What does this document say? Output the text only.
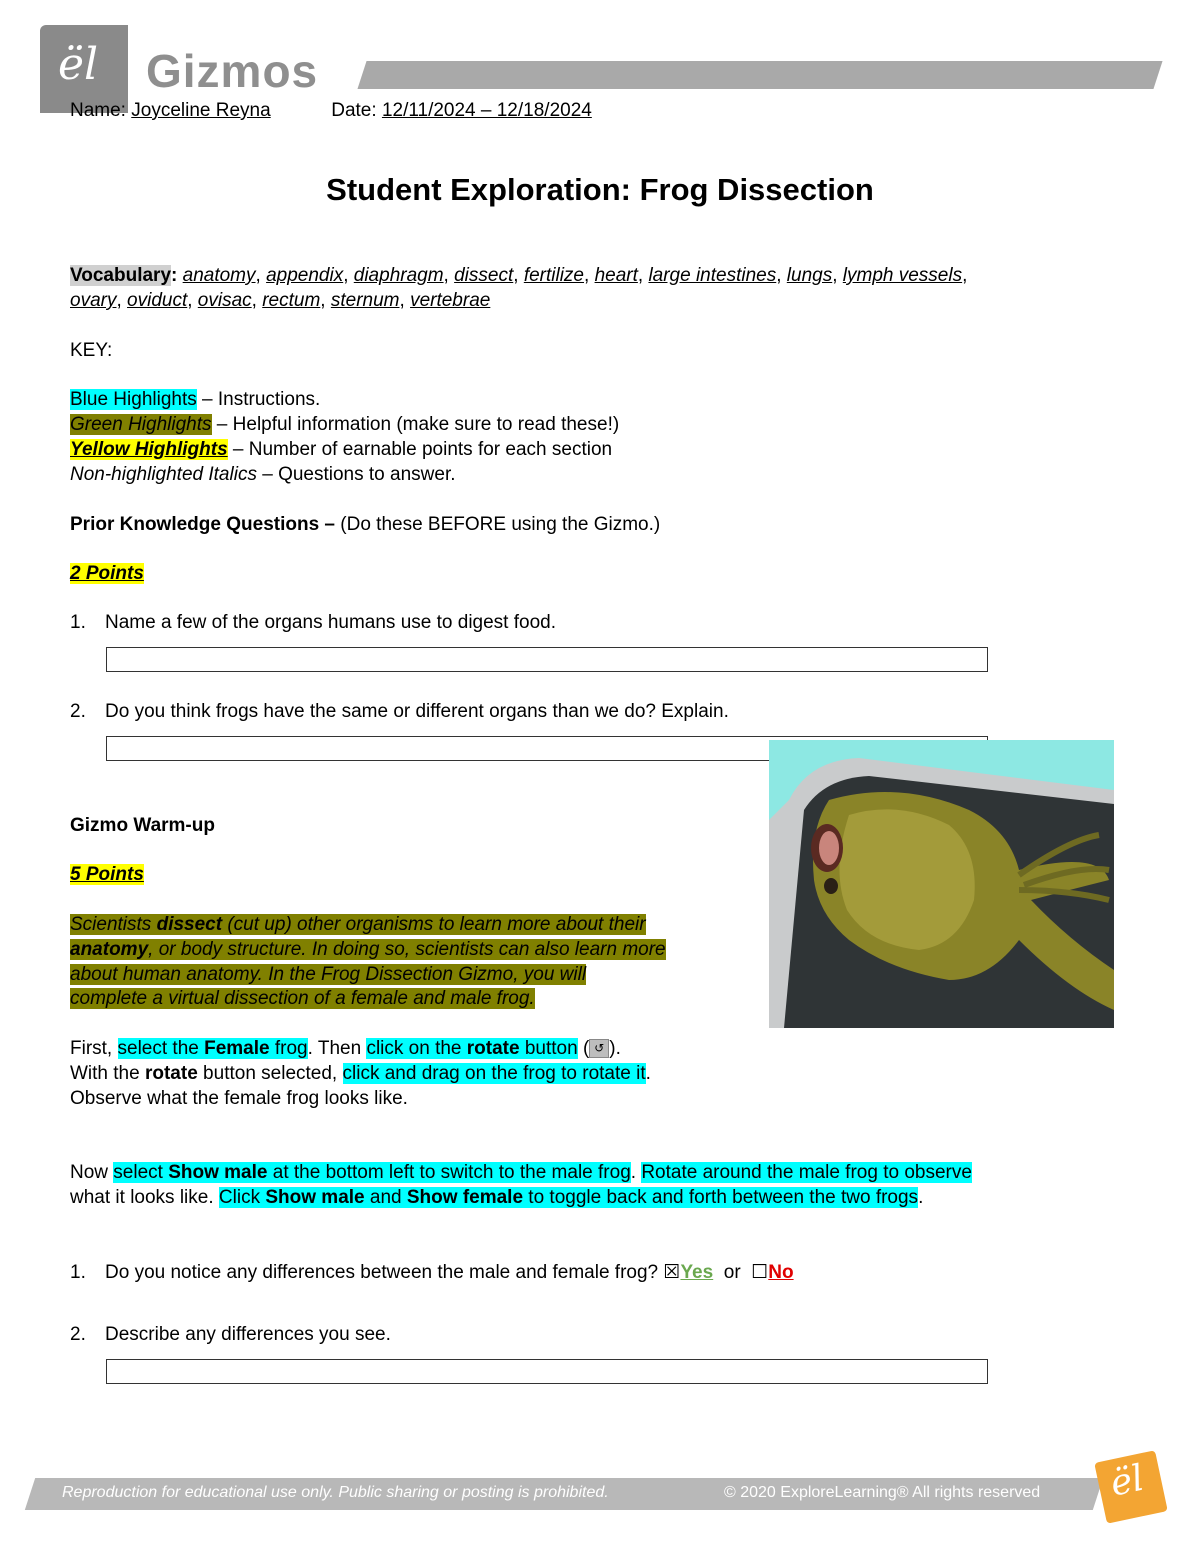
ël Gizmos
Name: Joyceline Reyna	Date: 12/11/2024 – 12/18/2024
Student Exploration: Frog Dissection
Vocabulary: anatomy, appendix, diaphragm, dissect, fertilize, heart, large intestines, lungs, lymph vessels,
ovary, oviduct, ovisac, rectum, sternum, vertebrae
KEY:
Blue Highlights – Instructions.
Green Highlights – Helpful information (make sure to read these!)
Yellow Highlights – Number of earnable points for each section
Non-highlighted Italics – Questions to answer.
Prior Knowledge Questions – (Do these BEFORE using the Gizmo.)
2 Points
1. Name a few of the organs humans use to digest food.
2. Do you think frogs have the same or different organs than we do? Explain.
Gizmo Warm-up
5 Points
Scientists dissect (cut up) other organisms to learn more about their
anatomy, or body structure. In doing so, scientists can also learn more
about human anatomy. In the Frog Dissection Gizmo, you will
complete a virtual dissection of a female and male frog.
First, select the Female frog. Then click on the rotate button ( ↺ ).
With the rotate button selected, click and drag on the frog to rotate it.
Observe what the female frog looks like.
Now select Show male at the bottom left to switch to the male frog. Rotate around the male frog to observe
what it looks like. Click Show male and Show female to toggle back and forth between the two frogs.
1. Do you notice any differences between the male and female frog? ☒Yes  or  ☐No
2. Describe any differences you see.
Reproduction for educational use only. Public sharing or posting is prohibited.	© 2020 ExploreLearning® All rights reserved ël
